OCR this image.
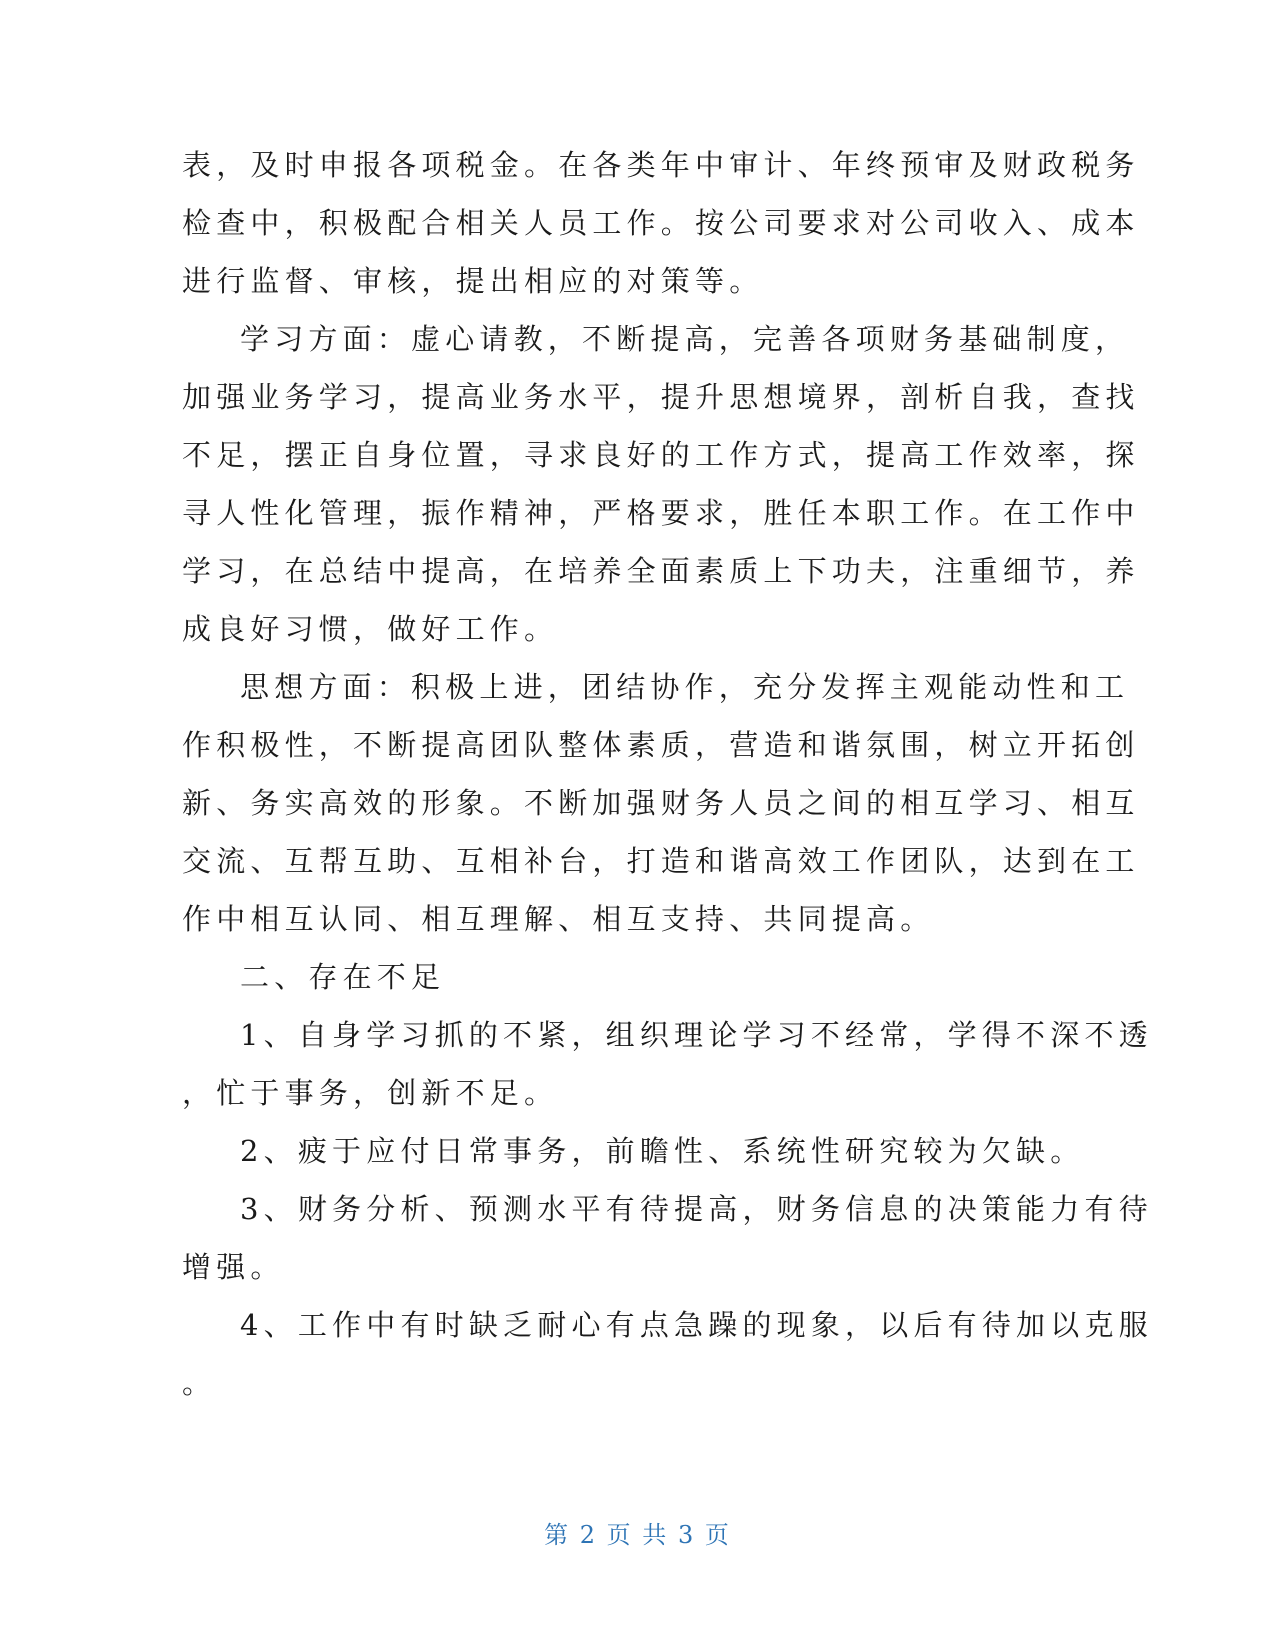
表，及时申报各项税金。在各类年中审计、年终预审及财政税务
检查中，积极配合相关人员工作。按公司要求对公司收入、成本
进行监督、审核，提出相应的对策等。
学习方面：虚心请教，不断提高，完善各项财务基础制度，
加强业务学习，提高业务水平，提升思想境界，剖析自我，查找
不足，摆正自身位置，寻求良好的工作方式，提高工作效率，探
寻人性化管理，振作精神，严格要求，胜任本职工作。在工作中
学习，在总结中提高，在培养全面素质上下功夫，注重细节，养
成良好习惯，做好工作。
思想方面：积极上进，团结协作，充分发挥主观能动性和工
作积极性，不断提高团队整体素质，营造和谐氛围，树立开拓创
新、务实高效的形象。不断加强财务人员之间的相互学习、相互
交流、互帮互助、互相补台，打造和谐高效工作团队，达到在工
作中相互认同、相互理解、相互支持、共同提高。
二、存在不足
1、自身学习抓的不紧，组织理论学习不经常，学得不深不透
，忙于事务，创新不足。
2、疲于应付日常事务，前瞻性、系统性研究较为欠缺。
3、财务分析、预测水平有待提高，财务信息的决策能力有待
增强。
4、工作中有时缺乏耐心有点急躁的现象，以后有待加以克服
。
第 2 页 共 3 页
